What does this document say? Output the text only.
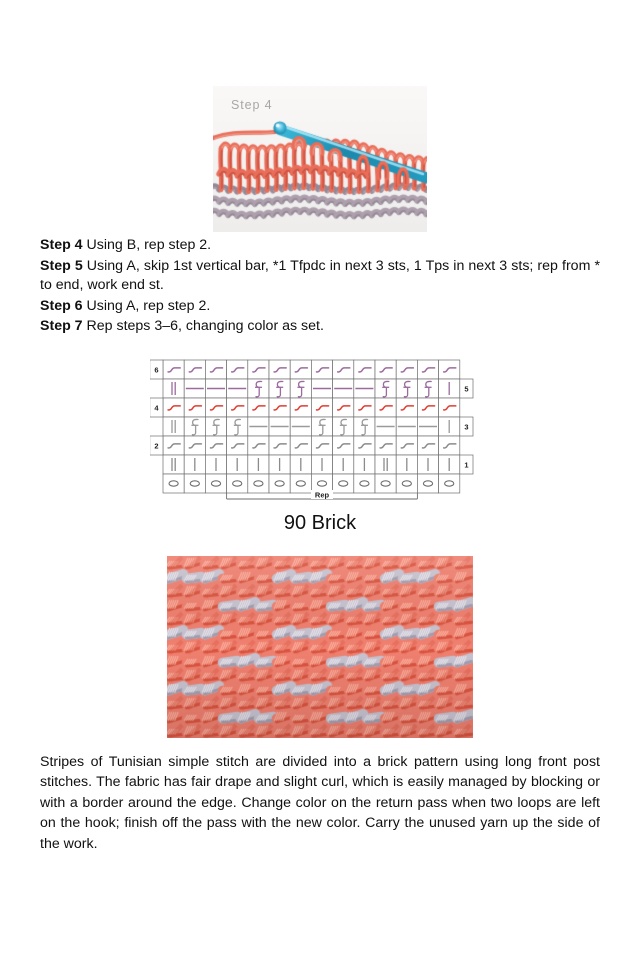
Step 4

Step 4 Using B, rep step 2.

Step 5 Using A, skip 1st vertical bar, *1 Tfpdc in next 3 sts, 1 Tps in next 3 sts; rep from * to end, work end st.

Step 6 Using A, rep step 2.

Step 7 Rep steps 3–6, changing color as set.

6
5
4
3
2
1
Rep
90 Brick

Stripes of Tunisian simple stitch are divided into a brick pattern using long front post stitches. The fabric has fair drape and slight curl, which is easily managed by blocking or with a border around the edge. Change color on the return pass when two loops are left on the hook; finish off the pass with the new color. Carry the unused yarn up the side of the work.
